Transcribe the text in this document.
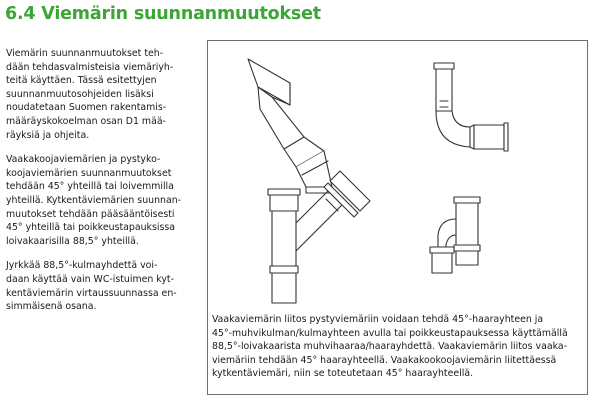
6.4 Viemärin suunnanmuutokset

Viemärin suunnanmuutokset teh-
dään tehdasvalmisteisia viemäriyh-
teitä käyttäen. Tässä esitettyjen
suunnanmuutosohjeiden lisäksi
noudatetaan Suomen rakentamis-
määräyskokoelman osan D1 mää-
räyksiä ja ohjeita.

Vaakakoojaviemärien ja pystyko-
koojaviemärien suunnanmuutokset
tehdään 45° yhteillä tai loivemmilla
yhteillä. Kytkentäviemärien suunnan-
muutokset tehdään pääsääntöisesti
45° yhteillä tai poikkeustapauksissa
loivakaarisilla 88,5° yhteillä.

Jyrkkää 88,5°-kulmayhdettä voi-
daan käyttää vain WC-istuimen kyt-
kentäviemärin virtaussuunnassa en-
simmäisenä osana.

Vaakaviemärin liitos pystyviemäriin voidaan tehdä 45°-haarayhteen ja
45°-muhvikulman/kulmayhteen avulla tai poikkeustapauksessa käyttämällä
88,5°-loivakaarista muhvihaaraa/haarayhdettä. Vaakaviemärin liitos vaaka-
viemäriin tehdään 45° haarayhteellä. Vaakakookoojaviemärin liitettäessä
kytkentäviemäri, niin se toteutetaan 45° haarayhteellä.
